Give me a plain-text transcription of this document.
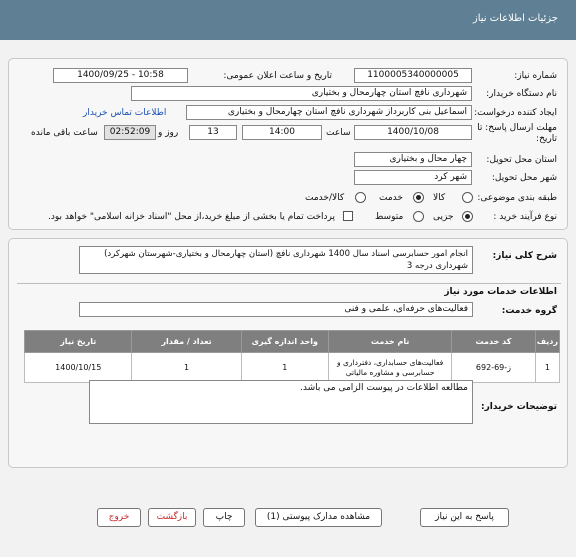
جزئیات اطلاعات نیاز
شماره نیاز:
1100005340000005
تاریخ و ساعت اعلان عمومی:
1400/09/25 - 10:58
نام دستگاه خریدار:
شهرداری نافچ استان چهارمحال و بختیاری
ایجاد کننده درخواست:
اسماعیل بنی کاربرداز شهرداری نافچ استان چهارمحال و بختیاری
اطلاعات تماس خریدار
مهلت ارسال پاسخ: تا
تاریخ:
1400/10/08
ساعت
14:00
13
روز و
02:52:09
ساعت باقی مانده
استان محل تحویل:
چهار محال و بختیاری
شهر محل تحویل:
شهر کرد
طبقه بندی موضوعی:
کالا
خدمت
کالا/خدمت
نوع فرآیند خرید :
جزیی
متوسط
پرداخت تمام یا بخشی از مبلغ خرید،از محل "اسناد خزانه اسلامی" خواهد بود.
شرح کلی نیاز:
انجام امور حسابرسی اسناد سال 1400 شهرداری نافچ (استان چهارمحال و بختیاری-شهرستان شهرکرد)
شهرداری درجه 3
اطلاعات خدمات مورد نیاز
گروه خدمت:
فعالیت‌های حرفه‌ای، علمی و فنی
ردیف	کد خدمت	نام خدمت	واحد اندازه گیری	تعداد / مقدار	تاریخ نیاز
1	ز-69-692	فعالیت‌های حسابداری، دفترداری و حسابرسی و مشاوره مالیاتی	1	1	1400/10/15
توضیحات خریدار:
مطالعه اطلاعات در پیوست الزامی می باشد.
پاسخ به این نیاز
مشاهده مدارک پیوستی (1)
چاپ
بازگشت
خروج
